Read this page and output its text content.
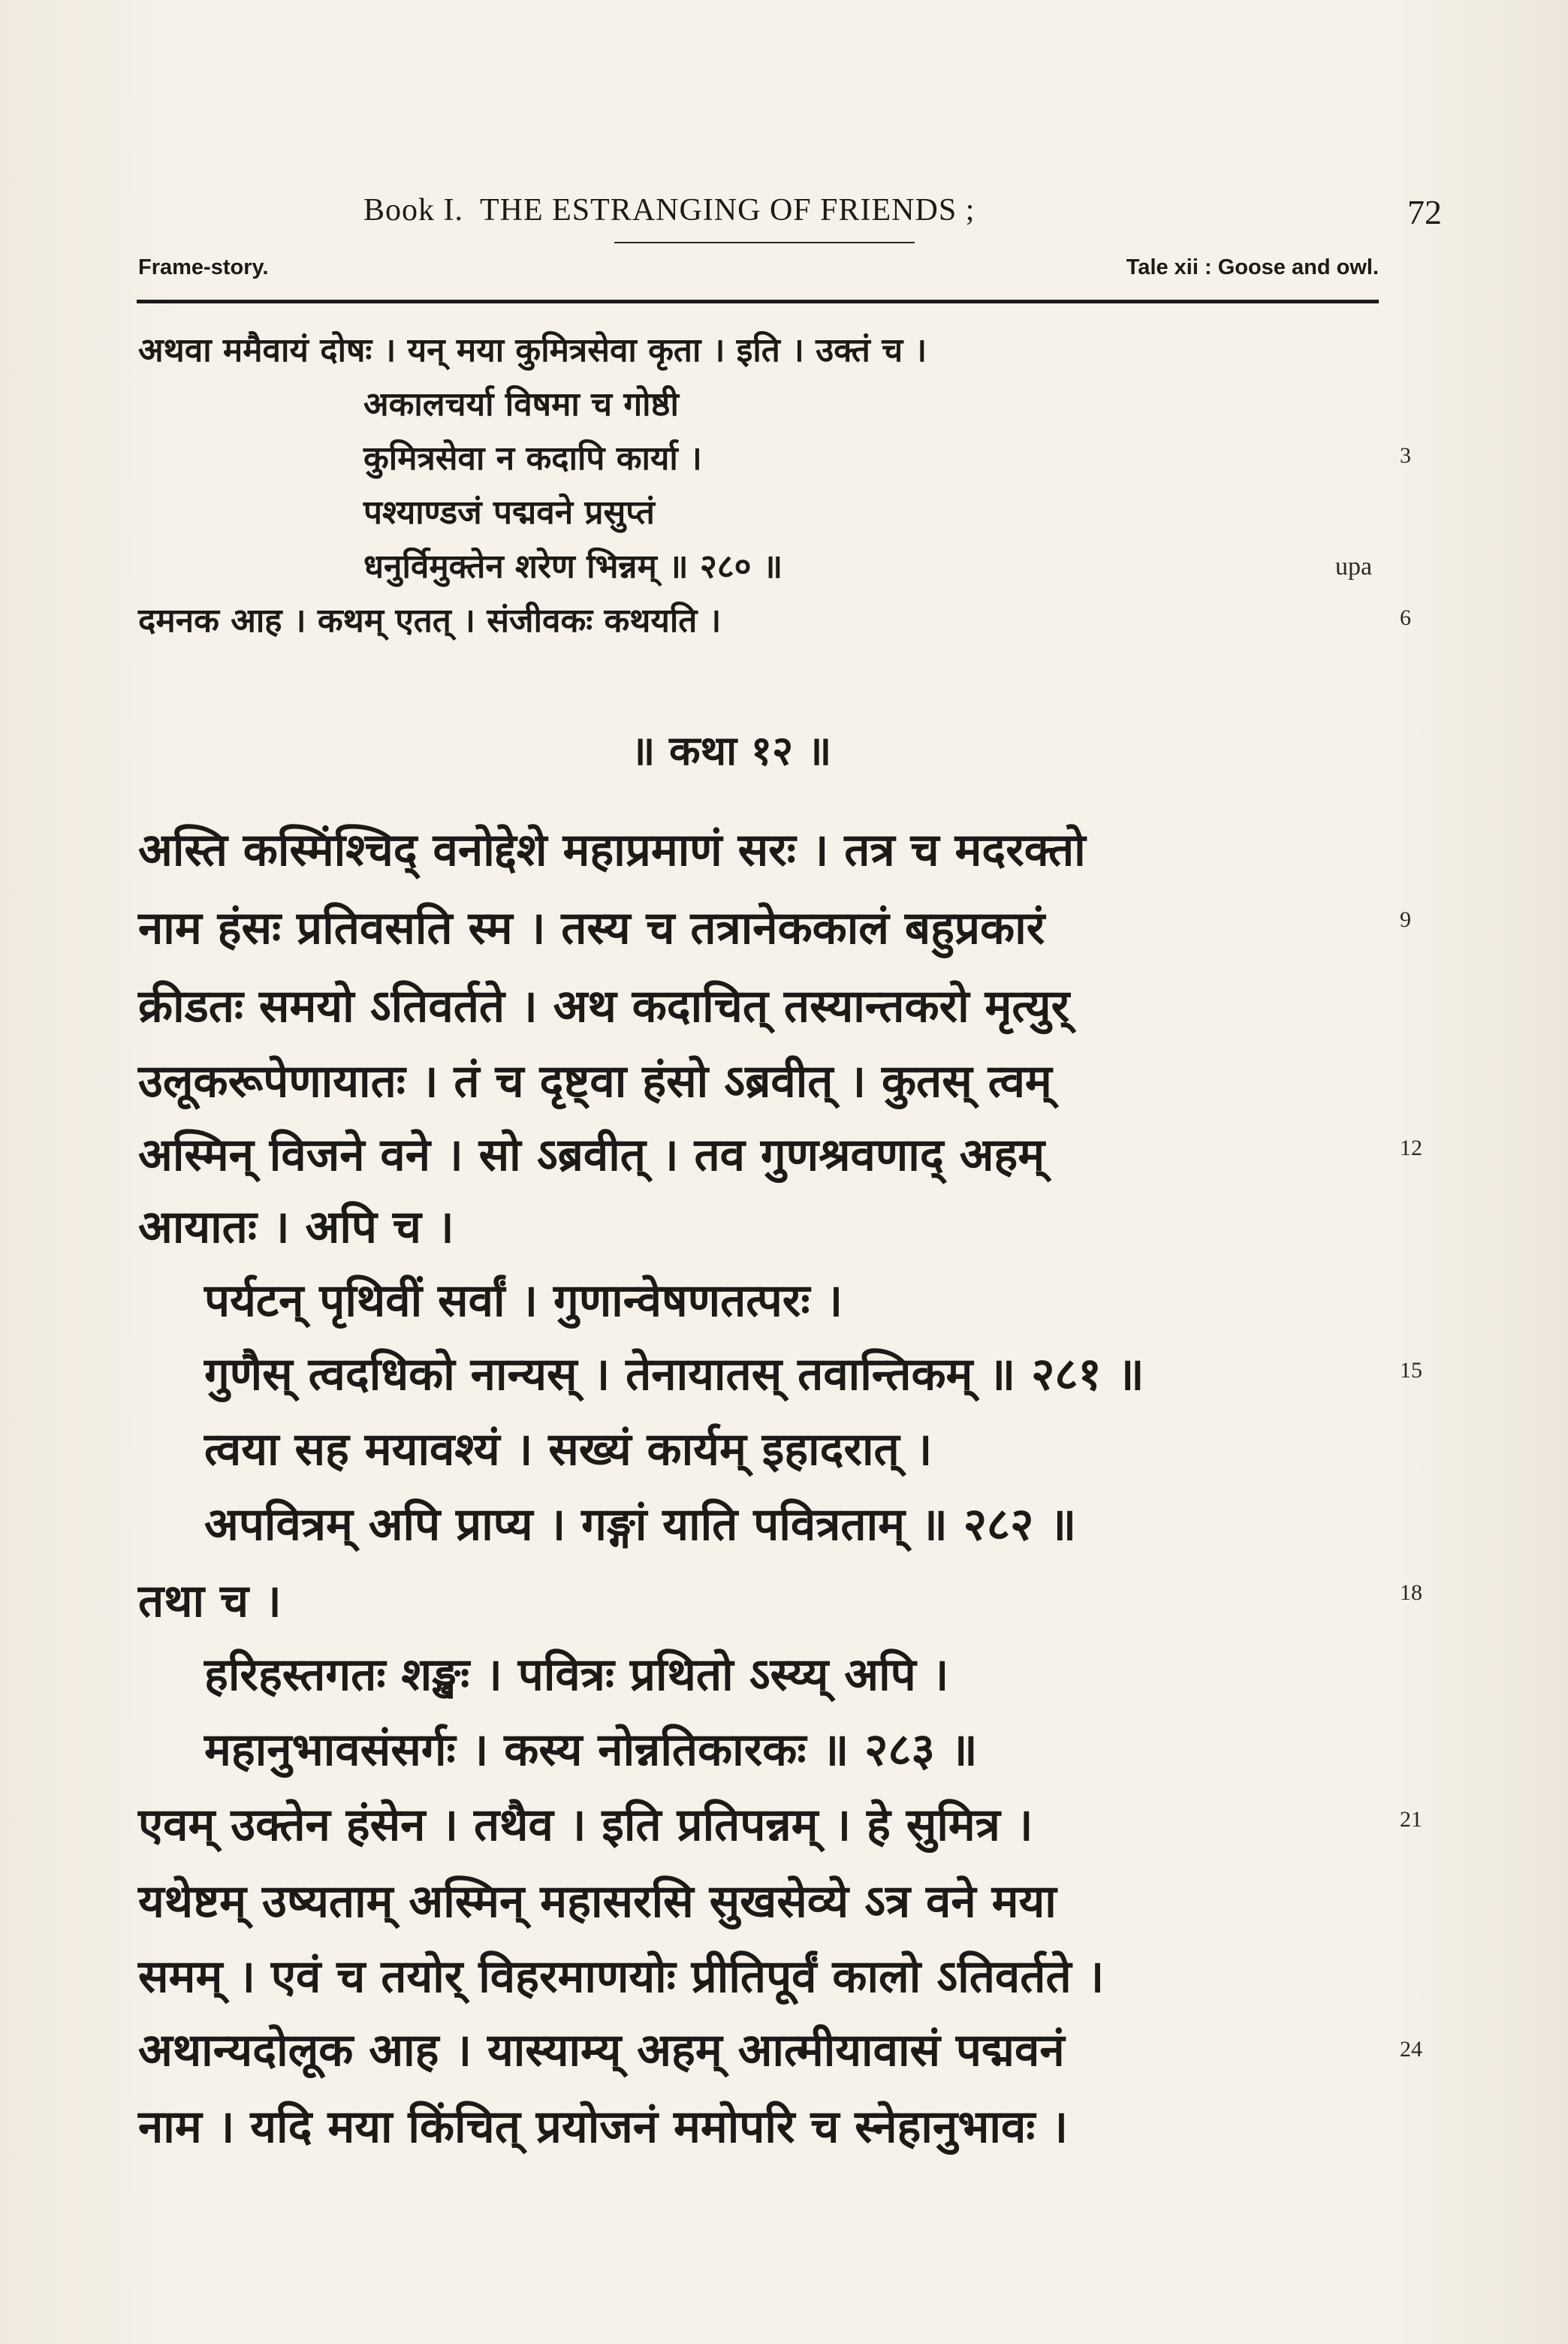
Book I. THE ESTRANGING OF FRIENDS ;	72
Frame-story.	Tale xii : Goose and owl.
अथवा ममैवायं दोषः । यन् मया कुमित्रसेवा कृता । इति । उक्तं च ।
अकालचर्या विषमा च गोष्ठी
कुमित्रसेवा न कदापि कार्या ।	3
पश्याण्डजं पद्मवने प्रसुप्तं
धनुर्विमुक्तेन शरेण भिन्नम् ॥ २८० ॥	upa
दमनक आह । कथम् एतत् । संजीवकः कथयति ।	6
॥ कथा १२ ॥
अस्ति कस्मिंश्चिद् वनोद्देशे महाप्रमाणं सरः । तत्र च मदरक्तो
नाम हंसः प्रतिवसति स्म । तस्य च तत्रानेककालं बहुप्रकारं	9
क्रीडतः समयो ऽतिवर्तते । अथ कदाचित् तस्यान्तकरो मृत्युर्
उलूकरूपेणायातः । तं च दृष्ट्वा हंसो ऽब्रवीत् । कुतस् त्वम्
अस्मिन् विजने वने । सो ऽब्रवीत् । तव गुणश्रवणाद् अहम्	12
आयातः । अपि च ।
पर्यटन् पृथिवीं सर्वां । गुणान्वेषणतत्परः ।
गुणैस् त्वदधिको नान्यस् । तेनायातस् तवान्तिकम् ॥ २८१ ॥	15
त्वया सह मयावश्यं । सख्यं कार्यम् इहादरात् ।
अपवित्रम् अपि प्राप्य । गङ्गां याति पवित्रताम् ॥ २८२ ॥
तथा च ।	18
हरिहस्तगतः शङ्खः । पवित्रः प्रथितो ऽस्य्य् अपि ।
महानुभावसंसर्गः । कस्य नोन्नतिकारकः ॥ २८३ ॥
एवम् उक्तेन हंसेन । तथैव । इति प्रतिपन्नम् । हे सुमित्र ।	21
यथेष्टम् उष्यताम् अस्मिन् महासरसि सुखसेव्ये ऽत्र वने मया
समम् । एवं च तयोर् विहरमाणयोः प्रीतिपूर्वं कालो ऽतिवर्तते ।
अथान्यदोलूक आह । यास्याम्य् अहम् आत्मीयावासं पद्मवनं	24
नाम । यदि मया किंचित् प्रयोजनं ममोपरि च स्नेहानुभावः ।
